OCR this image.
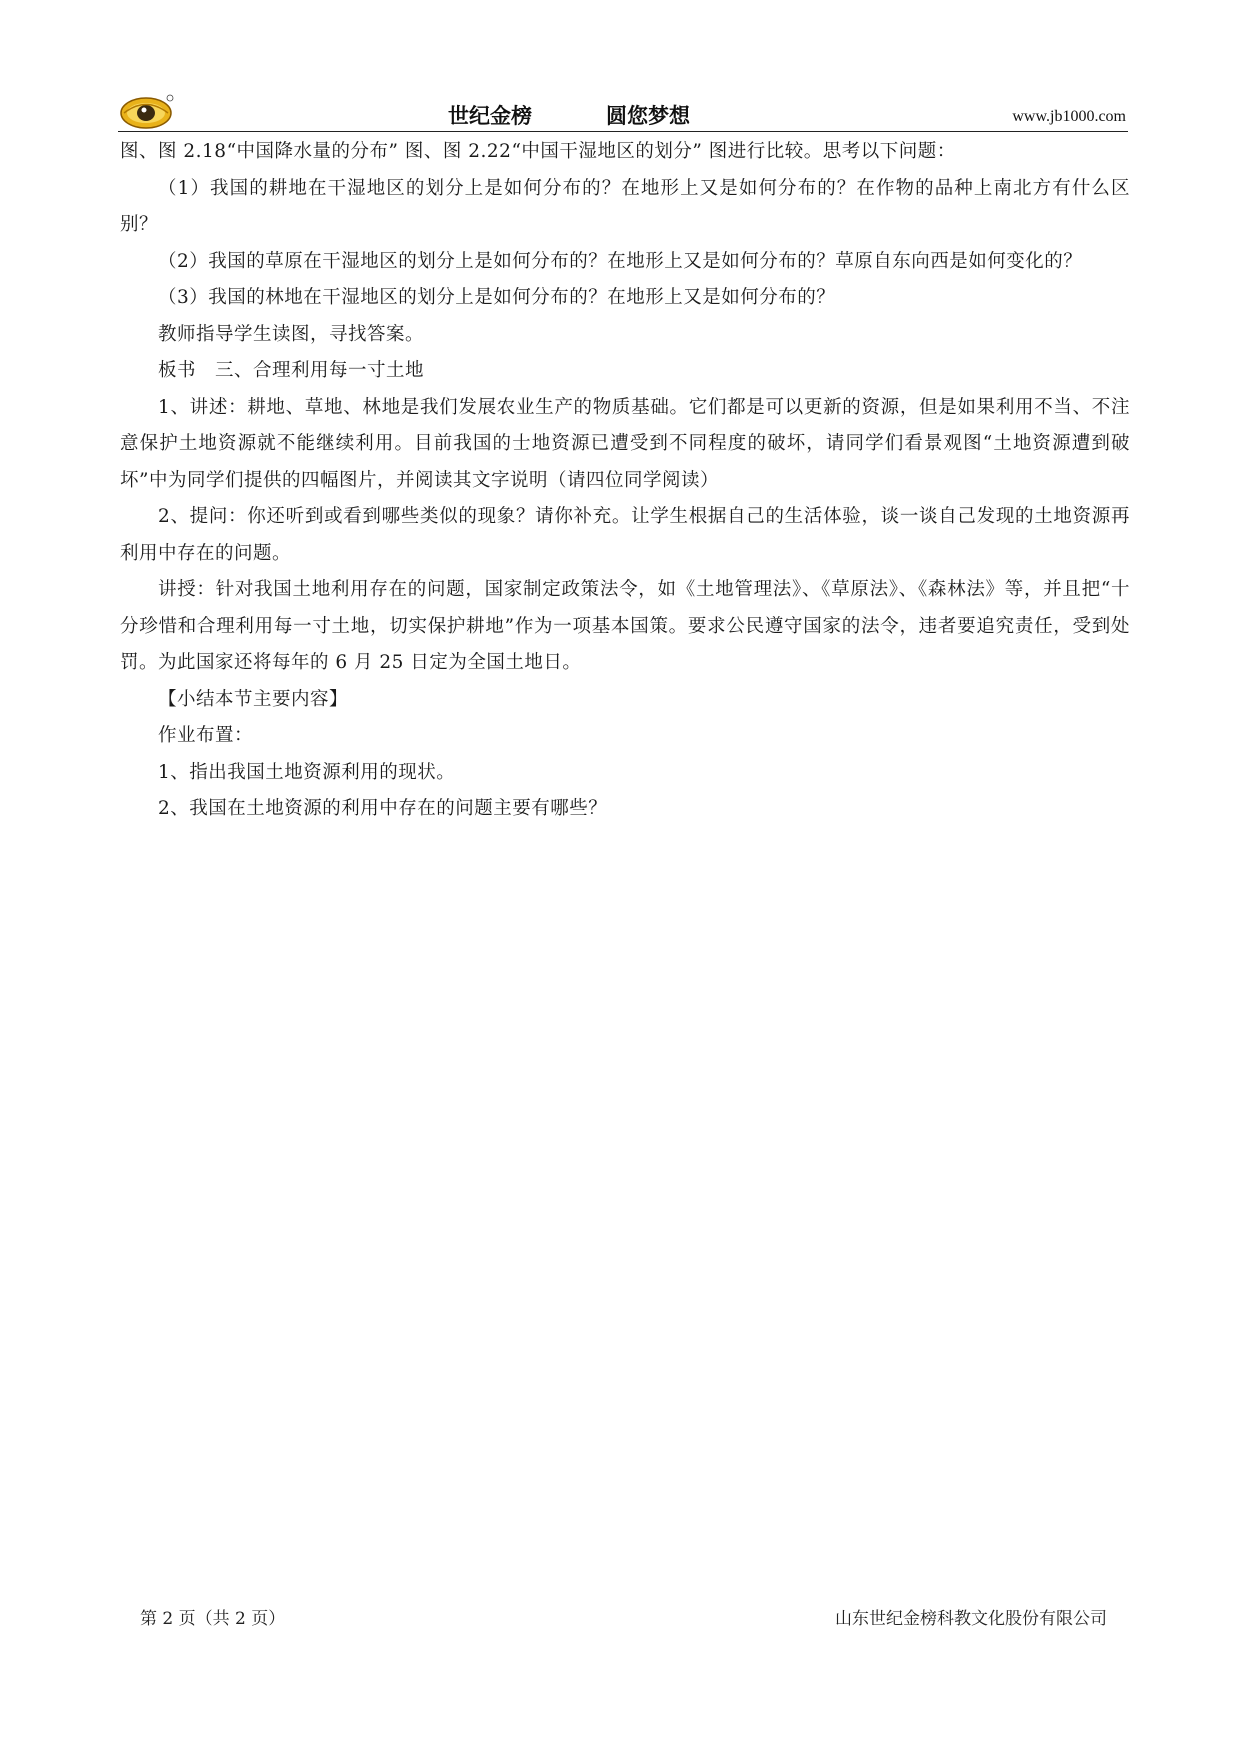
世纪金榜	圆您梦想	www.jb1000.com

图、图 2.18“中国降水量的分布” 图、图 2.22“中国干湿地区的划分” 图进行比较。思考以下问题：

（1）我国的耕地在干湿地区的划分上是如何分布的？在地形上又是如何分布的？在作物的品种上南北方有什么区别？

（2）我国的草原在干湿地区的划分上是如何分布的？在地形上又是如何分布的？草原自东向西是如何变化的？

（3）我国的林地在干湿地区的划分上是如何分布的？在地形上又是如何分布的？

教师指导学生读图，寻找答案。

板书　三、合理利用每一寸土地

1、讲述：耕地、草地、林地是我们发展农业生产的物质基础。它们都是可以更新的资源，但是如果利用不当、不注意保护土地资源就不能继续利用。目前我国的士地资源已遭受到不同程度的破坏，请同学们看景观图“土地资源遭到破坏”中为同学们提供的四幅图片，并阅读其文字说明（请四位同学阅读）

2、提问：你还听到或看到哪些类似的现象？请你补充。让学生根据自己的生活体验，谈一谈自己发现的土地资源再利用中存在的问题。

讲授：针对我国土地利用存在的问题，国家制定政策法令，如《土地管理法》、《草原法》、《森林法》等，并且把“十分珍惜和合理利用每一寸土地，切实保护耕地”作为一项基本国策。要求公民遵守国家的法令，违者要追究责任，受到处罚。为此国家还将每年的 6 月 25 日定为全国土地日。

【小结本节主要内容】

作业布置：

1、指出我国土地资源利用的现状。

2、我国在土地资源的利用中存在的问题主要有哪些？

第 2 页（共 2 页）	山东世纪金榜科教文化股份有限公司
